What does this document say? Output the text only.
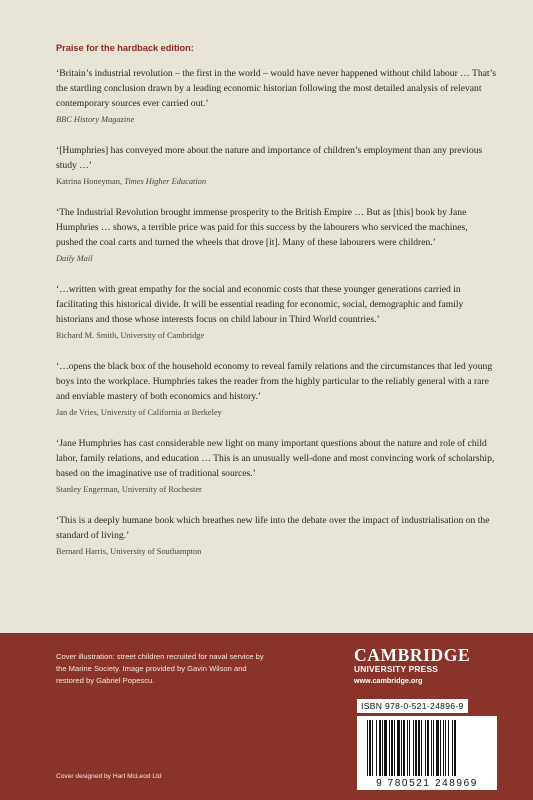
Praise for the hardback edition:

‘Britain’s industrial revolution – the first in the world – would have never happened without child labour … That’s the startling conclusion drawn by a leading economic historian following the most detailed analysis of relevant contemporary sources ever carried out.’

BBC History Magazine

‘[Humphries] has conveyed more about the nature and importance of children’s employment than any previous study …’

Katrina Honeyman, Times Higher Education

‘The Industrial Revolution brought immense prosperity to the British Empire … But as [this] book by Jane Humphries … shows, a terrible price was paid for this success by the labourers who serviced the machines, pushed the coal carts and turned the wheels that drove [it]. Many of these labourers were children.’

Daily Mail

‘…written with great empathy for the social and economic costs that these younger generations carried in facilitating this historical divide. It will be essential reading for economic, social, demographic and family historians and those whose interests focus on child labour in Third World countries.’

Richard M. Smith, University of Cambridge

‘…opens the black box of the household economy to reveal family relations and the circumstances that led young boys into the workplace. Humphries takes the reader from the highly particular to the reliably general with a rare and enviable mastery of both economics and history.’

Jan de Vries, University of California at Berkeley

‘Jane Humphries has cast considerable new light on many important questions about the nature and role of child labor, family relations, and education … This is an unusually well-done and most convincing work of scholarship, based on the imaginative use of traditional sources.’

Stanley Engerman, University of Rochester

‘This is a deeply humane book which breathes new life into the debate over the impact of industrialisation on the standard of living.’

Bernard Harris, University of Southampton

Cover illustration: street children recruited for naval service by the Marine Society. Image provided by Gavin Wilson and restored by Gabriel Popescu.

Cover designed by Hart McLeod Ltd

CAMBRIDGE
UNIVERSITY PRESS
www.cambridge.org
ISBN 978-0-521-24896-9
9 780521 248969
